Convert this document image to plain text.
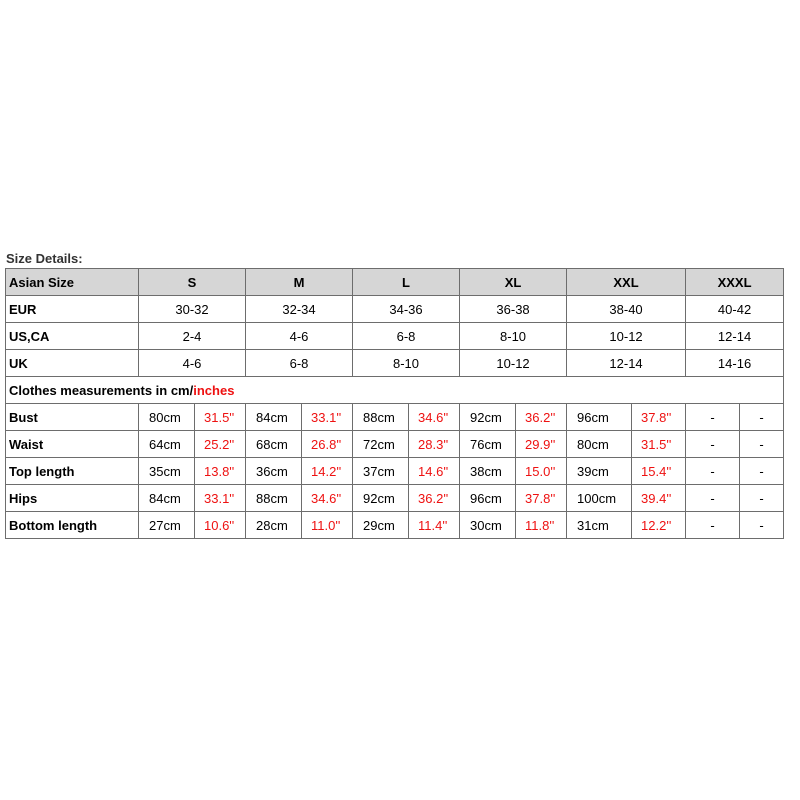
Size Details:
Asian Size	S		M		L		XL		XXL		XXXL	
EUR	30-32		32-34		34-36		36-38		38-40		40-42	
US,CA	2-4		4-6		6-8		8-10		10-12		12-14	
UK	4-6		6-8		8-10		10-12		12-14		14-16	
Clothes measurements in cm/inches												
Bust	80cm	31.5''	84cm	33.1''	88cm	34.6''	92cm	36.2''	96cm	37.8''	-	-
Waist	64cm	25.2''	68cm	26.8''	72cm	28.3''	76cm	29.9''	80cm	31.5''	-	-
Top length	35cm	13.8''	36cm	14.2''	37cm	14.6''	38cm	15.0''	39cm	15.4''	-	-
Hips	84cm	33.1''	88cm	34.6''	92cm	36.2''	96cm	37.8''	100cm	39.4''	-	-
Bottom length	27cm	10.6''	28cm	11.0''	29cm	11.4''	30cm	11.8''	31cm	12.2''	-	-
